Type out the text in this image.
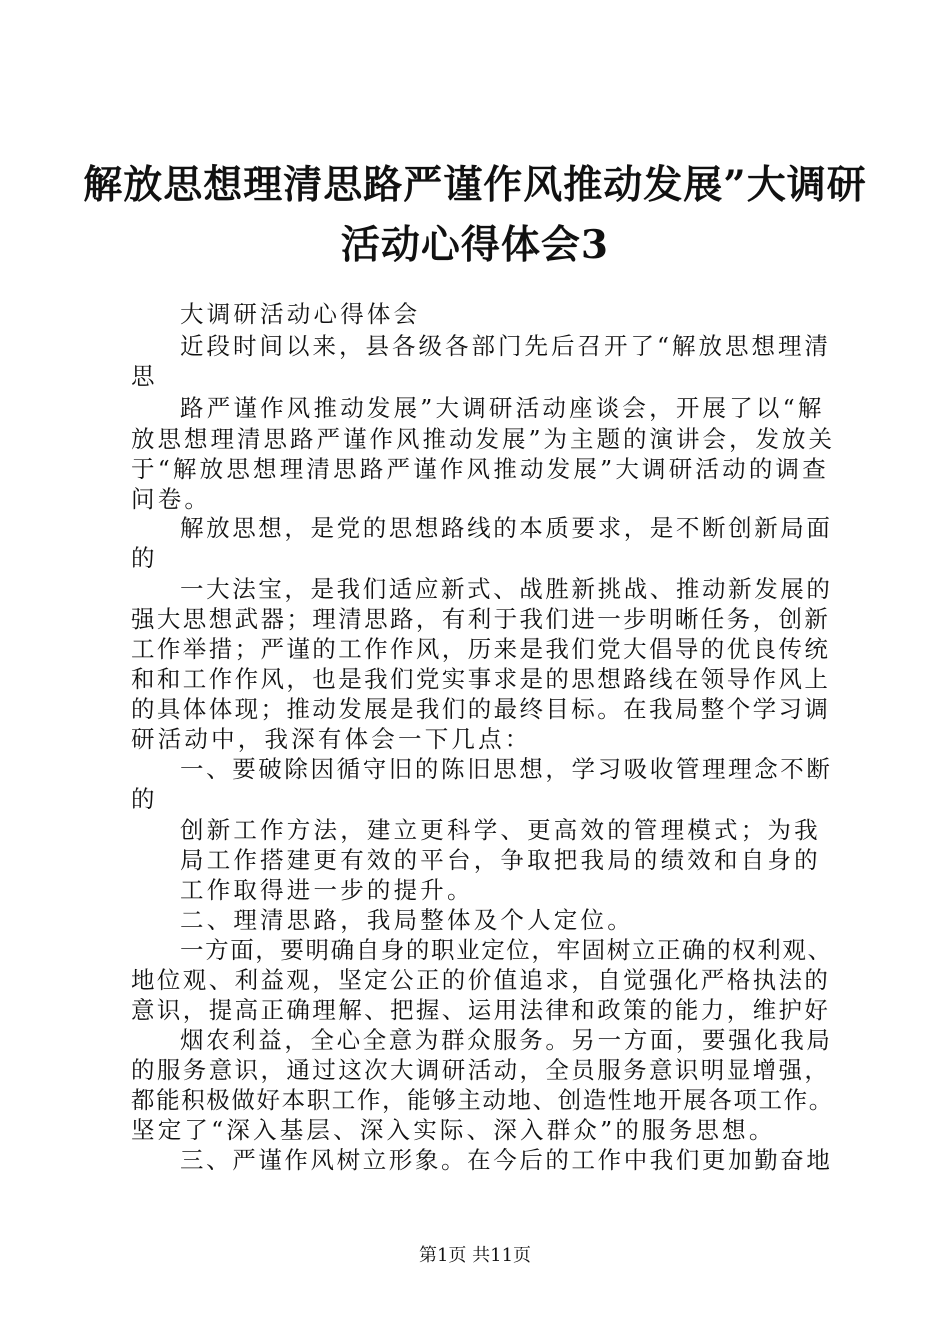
解放思想理清思路严谨作风推动发展”大调研
活动心得体会3
大调研活动心得体会
近段时间以来，县各级各部门先后召开了“解放思想理清
思
路严谨作风推动发展”大调研活动座谈会，开展了以“解
放思想理清思路严谨作风推动发展”为主题的演讲会，发放关
于“解放思想理清思路严谨作风推动发展”大调研活动的调查
问卷。
解放思想，是党的思想路线的本质要求，是不断创新局面
的
一大法宝，是我们适应新式、战胜新挑战、推动新发展的
强大思想武器；理清思路，有利于我们进一步明晰任务，创新
工作举措；严谨的工作作风，历来是我们党大倡导的优良传统
和和工作作风，也是我们党实事求是的思想路线在领导作风上
的具体体现；推动发展是我们的最终目标。在我局整个学习调
研活动中，我深有体会一下几点：
一、要破除因循守旧的陈旧思想，学习吸收管理理念不断
的
创新工作方法，建立更科学、更高效的管理模式；为我
局工作搭建更有效的平台，争取把我局的绩效和自身的
工作取得进一步的提升。
二、理清思路，我局整体及个人定位。
一方面，要明确自身的职业定位，牢固树立正确的权利观、
地位观、利益观，坚定公正的价值追求，自觉强化严格执法的
意识，提高正确理解、把握、运用法律和政策的能力，维护好
烟农利益，全心全意为群众服务。另一方面，要强化我局
的服务意识，通过这次大调研活动，全员服务意识明显增强，
都能积极做好本职工作，能够主动地、创造性地开展各项工作。
坚定了“深入基层、深入实际、深入群众”的服务思想。
三、严谨作风树立形象。在今后的工作中我们更加勤奋地
第1页 共11页
